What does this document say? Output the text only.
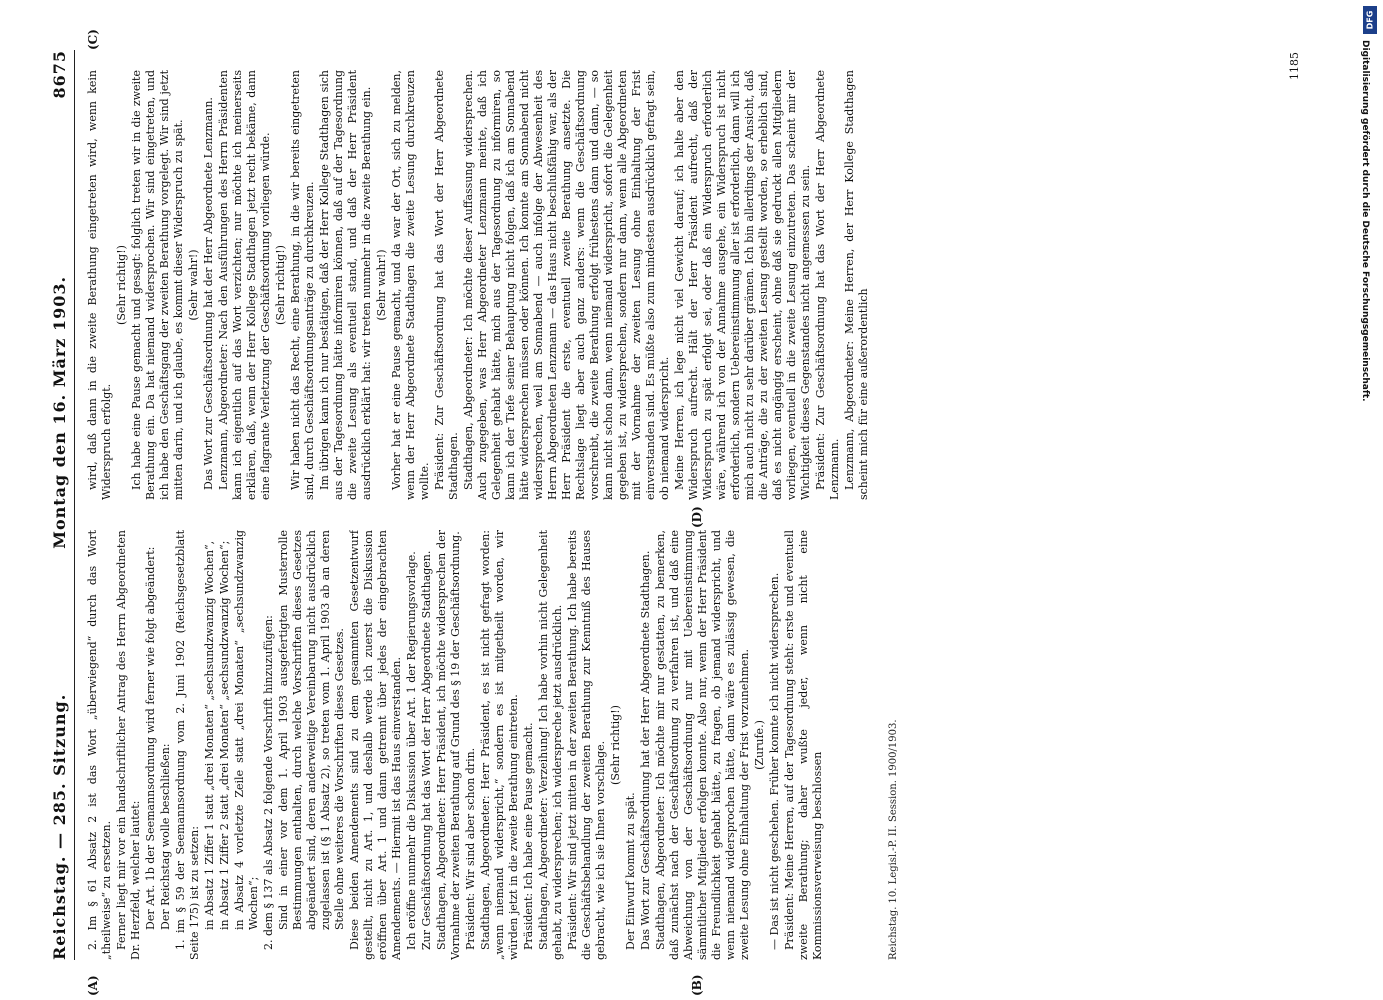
Reichstag. — 285. Sitzung.
Montag den 16. März 1903.                           8675
(A)	(B)
(C)
(D)

2. Im § 61 Absatz 2 ist das Wort „überwiegend“ durch das Wort „theilweise“ zu ersetzen. Ferner liegt mir vor ein handschriftlicher Antrag des Herrn Abgeordneten Dr. Herzfeld, welcher lautet: Der Art. 1b der Seemannsordnung wird ferner wie folgt abgeändert: Der Reichstag wolle beschließen: 1. im § 59 der Seemannsordnung vom 2. Juni 1902 (Reichsgesetzblatt Seite 175) ist zu setzen: in Absatz 1 Ziffer 1 statt „drei Monaten“ „sechsundzwanzig Wochen“, in Absatz 1 Ziffer 2 statt „drei Monaten“ „sechsundzwanzig Wochen“; in Absatz 4 vorletzte Zeile statt „drei Monaten“ „sechsundzwanzig Wochen“; 2. dem § 137 als Absatz 2 folgende Vorschrift hinzuzufügen: Sind in einer vor dem 1. April 1903 ausgefertigten Musterrolle Bestimmungen enthalten, durch welche Vorschriften dieses Gesetzes abgeändert sind, deren anderweitige Vereinbarung nicht ausdrücklich zugelassen ist (§ 1 Absatz 2), so treten vom 1. April 1903 ab an deren Stelle ohne weiteres die Vorschriften dieses Gesetzes. Diese beiden Amendements sind zu dem gesammten Gesetzentwurf gestellt, nicht zu Art. 1, und deshalb werde ich zuerst die Diskussion eröffnen über Art. 1 und dann getrennt über jedes der eingebrachten Amendements. — Hiermit ist das Haus einverstanden. Ich eröffne nunmehr die Diskussion über Art. 1 der Regierungsvorlage. Zur Geschäftsordnung hat das Wort der Herr Abgeordnete Stadthagen. Stadthagen, Abgeordneter: Herr Präsident, ich möchte widersprechen der Vornahme der zweiten Berathung auf Grund des § 19 der Geschäftsordnung. Präsident: Wir sind aber schon drin. Stadthagen, Abgeordneter: Herr Präsident, es ist nicht gefragt worden: „wenn niemand widerspricht,“ sondern es ist mitgetheilt worden, wir würden jetzt in die zweite Berathung eintreten. Präsident: Ich habe eine Pause gemacht. Stadthagen, Abgeordneter: Verzeihung! Ich habe vorhin nicht Gelegenheit gehabt, zu widersprechen; ich widerspreche jetzt ausdrücklich. Präsident: Wir sind jetzt mitten in der zweiten Berathung. Ich habe bereits die Geschäftsbehandlung der zweiten Berathung zur Kenntniß des Hauses gebracht, wie ich sie Ihnen vorschlage. (Sehr richtig!)

Der Einwurf kommt zu spät. Das Wort zur Geschäftsordnung hat der Herr Abgeordnete Stadthagen. Stadthagen, Abgeordneter: Ich möchte mir nur gestatten, zu bemerken, daß zunächst nach der Geschäftsordnung zu verfahren ist, und daß eine Abweichung von der Geschäftsordnung nur mit Uebereinstimmung sämmtlicher Mitglieder erfolgen konnte. Also nur, wenn der Herr Präsident die Freundlichkeit gehabt hätte, zu fragen, ob jemand widerspricht, und wenn niemand widersprochen hätte, dann wäre es zulässig gewesen, die zweite Lesung ohne Einhaltung der Frist vorzunehmen. (Zurufe.) — Das ist nicht geschehen. Früher konnte ich nicht widersprechen. Präsident: Meine Herren, auf der Tagesordnung steht: erste und eventuell zweite Berathung; daher wußte jeder, wenn nicht eine Kommissionsverweisung beschlossen

wird, daß dann in die zweite Berathung eingetreten wird, wenn kein Widerspruch erfolgt.

(Sehr richtig!) Ich habe eine Pause gemacht und gesagt: folglich treten wir in die zweite Berathung ein. Da hat niemand widersprochen. Wir sind eingetreten, und ich habe den Geschäftsgang der zweiten Berathung vorgelegt. Wir sind jetzt mitten darin, und ich glaube, es kommt dieser Widerspruch zu spät. (Sehr wahr!) Das Wort zur Geschäftsordnung hat der Herr Abgeordnete Lenzmann. Lenzmann, Abgeordneter: Nach den Ausführungen des Herrn Präsidenten kann ich eigentlich auf das Wort verzichten; nur möchte ich meinerseits erklären, daß, wenn der Herr Kollege Stadthagen jetzt recht bekäme, dann eine flagrante Verletzung der Geschäftsordnung vorliegen würde. (Sehr richtig!) Wir haben nicht das Recht, eine Berathung, in die wir bereits eingetreten sind, durch Geschäftsordnungsanträge zu durchkreuzen. Im übrigen kann ich nur bestätigen, daß der Herr Kollege Stadthagen sich aus der Tagesordnung hätte informiren können, daß auf der Tagesordnung die zweite Lesung als eventuell stand, und daß der Herr Präsident ausdrücklich erklärt hat: wir treten nunmehr in die zweite Berathung ein. (Sehr wahr!) Vorher hat er eine Pause gemacht, und da war der Ort, sich zu melden, wenn der Herr Abgeordnete Stadthagen die zweite Lesung durchkreuzen wollte. Präsident: Zur Geschäftsordnung hat das Wort der Herr Abgeordnete Stadthagen. Stadthagen, Abgeordneter: Ich möchte dieser Auffassung widersprechen. Auch zugegeben, was Herr Abgeordneter Lenzmann meinte, daß ich Gelegenheit gehabt hätte, mich aus der Tagesordnung zu informiren, so kann ich der Tiefe seiner Behauptung nicht folgen, daß ich am Sonnabend hätte widersprechen müssen oder können. Ich konnte am Sonnabend nicht widersprechen, weil am Sonnabend — auch infolge der Abwesenheit des Herrn Abgeordneten Lenzmann — das Haus nicht beschlußfähig war, als der Herr Präsident die erste, eventuell zweite Berathung ansetzte. Die Rechtslage liegt aber auch ganz anders: wenn die Geschäftsordnung vorschreibt, die zweite Berathung erfolgt frühestens dann und dann, — so kann nicht schon dann, wenn niemand widerspricht, sofort die Gelegenheit gegeben ist, zu widersprechen, sondern nur dann, wenn alle Abgeordneten mit der Vornahme der zweiten Lesung ohne Einhaltung der Frist einverstanden sind. Es müßte also zum mindesten ausdrücklich gefragt sein, ob niemand widerspricht. Meine Herren, ich lege nicht viel Gewicht darauf; ich halte aber den Widerspruch aufrecht. Hält der Herr Präsident aufrecht, daß der Widerspruch zu spät erfolgt sei, oder daß ein Widerspruch erforderlich wäre, während ich von der Annahme ausgehe, ein Widerspruch ist nicht erforderlich, sondern Uebereinstimmung aller ist erforderlich, dann will ich mich auch nicht zu sehr darüber grämen. Ich bin allerdings der Ansicht, daß die Anträge, die zu der zweiten Lesung gestellt worden, so erheblich sind, daß es nicht angängig erscheint, ohne daß sie gedruckt allen Mitgliedern vorliegen, eventuell in die zweite Lesung einzutreten. Das scheint mir der Wichtigkeit dieses Gegenstandes nicht angemessen zu sein. Präsident: Zur Geschäftsordnung hat das Wort der Herr Abgeordnete Lenzmann. Lenzmann, Abgeordneter: Meine Herren, der Herr Kollege Stadthagen scheint mich für eine außerordentlich

Reichstag. 10. Legisl.-P. II. Session. 1900/1903.
DFG
Digitalisierung gefördert durch die Deutsche Forschungsgemeinschaft.
1185
